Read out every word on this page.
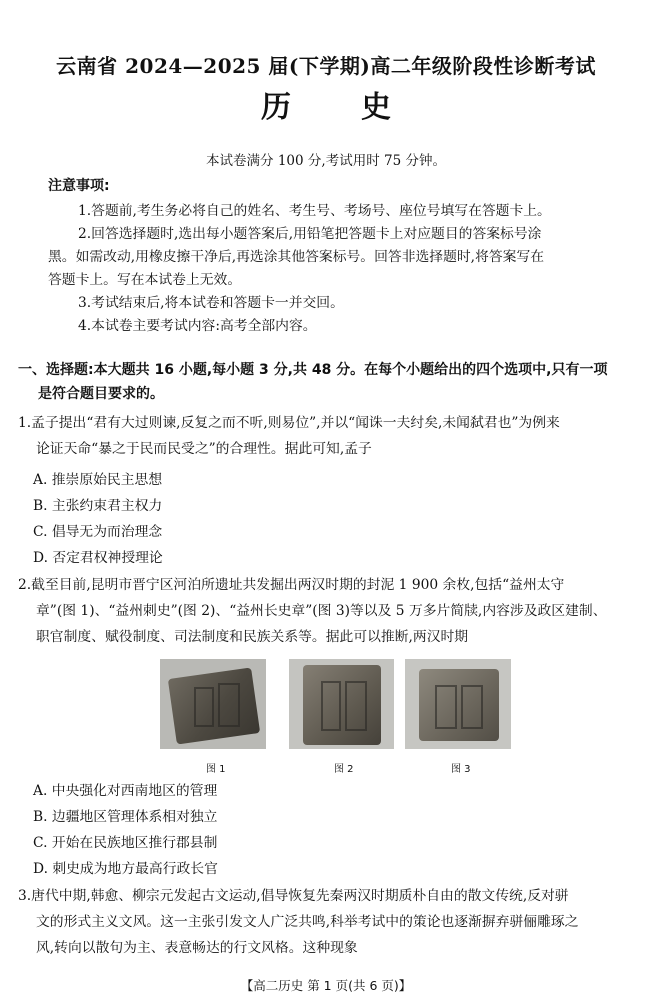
云南省 2024—2025 届(下学期)高二年级阶段性诊断考试
历 史
本试卷满分 100 分,考试用时 75 分钟。
注意事项:
1.答题前,考生务必将自己的姓名、考生号、考场号、座位号填写在答题卡上。
2.回答选择题时,选出每小题答案后,用铅笔把答题卡上对应题目的答案标号涂
黑。如需改动,用橡皮擦干净后,再选涂其他答案标号。回答非选择题时,将答案写在
答题卡上。写在本试卷上无效。
3.考试结束后,将本试卷和答题卡一并交回。
4.本试卷主要考试内容:高考全部内容。
一、选择题:本大题共 16 小题,每小题 3 分,共 48 分。在每个小题给出的四个选项中,只有一项
是符合题目要求的。
1.孟子提出“君有大过则谏,反复之而不听,则易位”,并以“闻诛一夫纣矣,未闻弑君也”为例来
论证天命“暴之于民而民受之”的合理性。据此可知,孟子
A. 推崇原始民主思想
B. 主张约束君主权力
C. 倡导无为而治理念
D. 否定君权神授理论
2.截至目前,昆明市晋宁区河泊所遗址共发掘出两汉时期的封泥 1 900 余枚,包括“益州太守
章”(图 1)、“益州刺史”(图 2)、“益州长史章”(图 3)等以及 5 万多片简牍,内容涉及政区建制、
职官制度、赋役制度、司法制度和民族关系等。据此可以推断,两汉时期
图 1	图 2	图 3
A. 中央强化对西南地区的管理
B. 边疆地区管理体系相对独立
C. 开始在民族地区推行郡县制
D. 刺史成为地方最高行政长官
3.唐代中期,韩愈、柳宗元发起古文运动,倡导恢复先秦两汉时期质朴自由的散文传统,反对骈
文的形式主义文风。这一主张引发文人广泛共鸣,科举考试中的策论也逐渐摒弃骈俪雕琢之
风,转向以散句为主、表意畅达的行文风格。这种现象
【高二历史 第 1 页(共 6 页)】
